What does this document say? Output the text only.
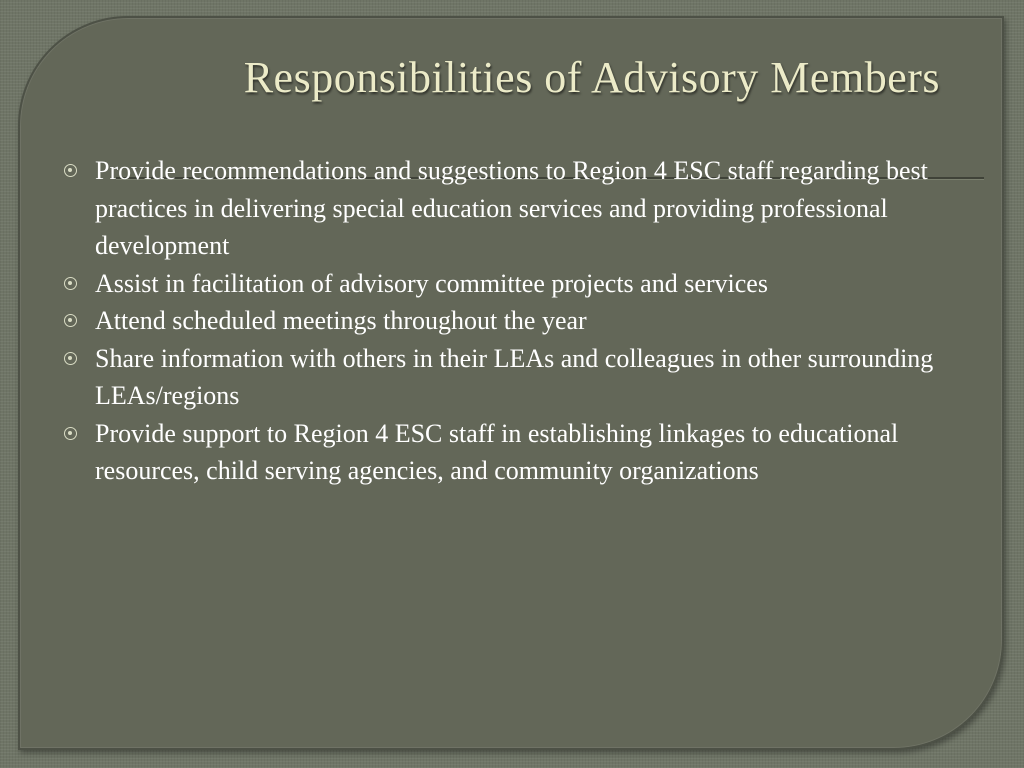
Responsibilities of Advisory Members
Provide recommendations and suggestions to Region 4 ESC staff regarding best practices in delivering special education services and providing professional development
Assist in facilitation of advisory committee projects and services
Attend scheduled meetings throughout the year
Share information with others in their LEAs and colleagues in other surrounding LEAs/regions
Provide support to Region 4 ESC staff in establishing linkages to educational resources, child serving agencies, and community organizations
